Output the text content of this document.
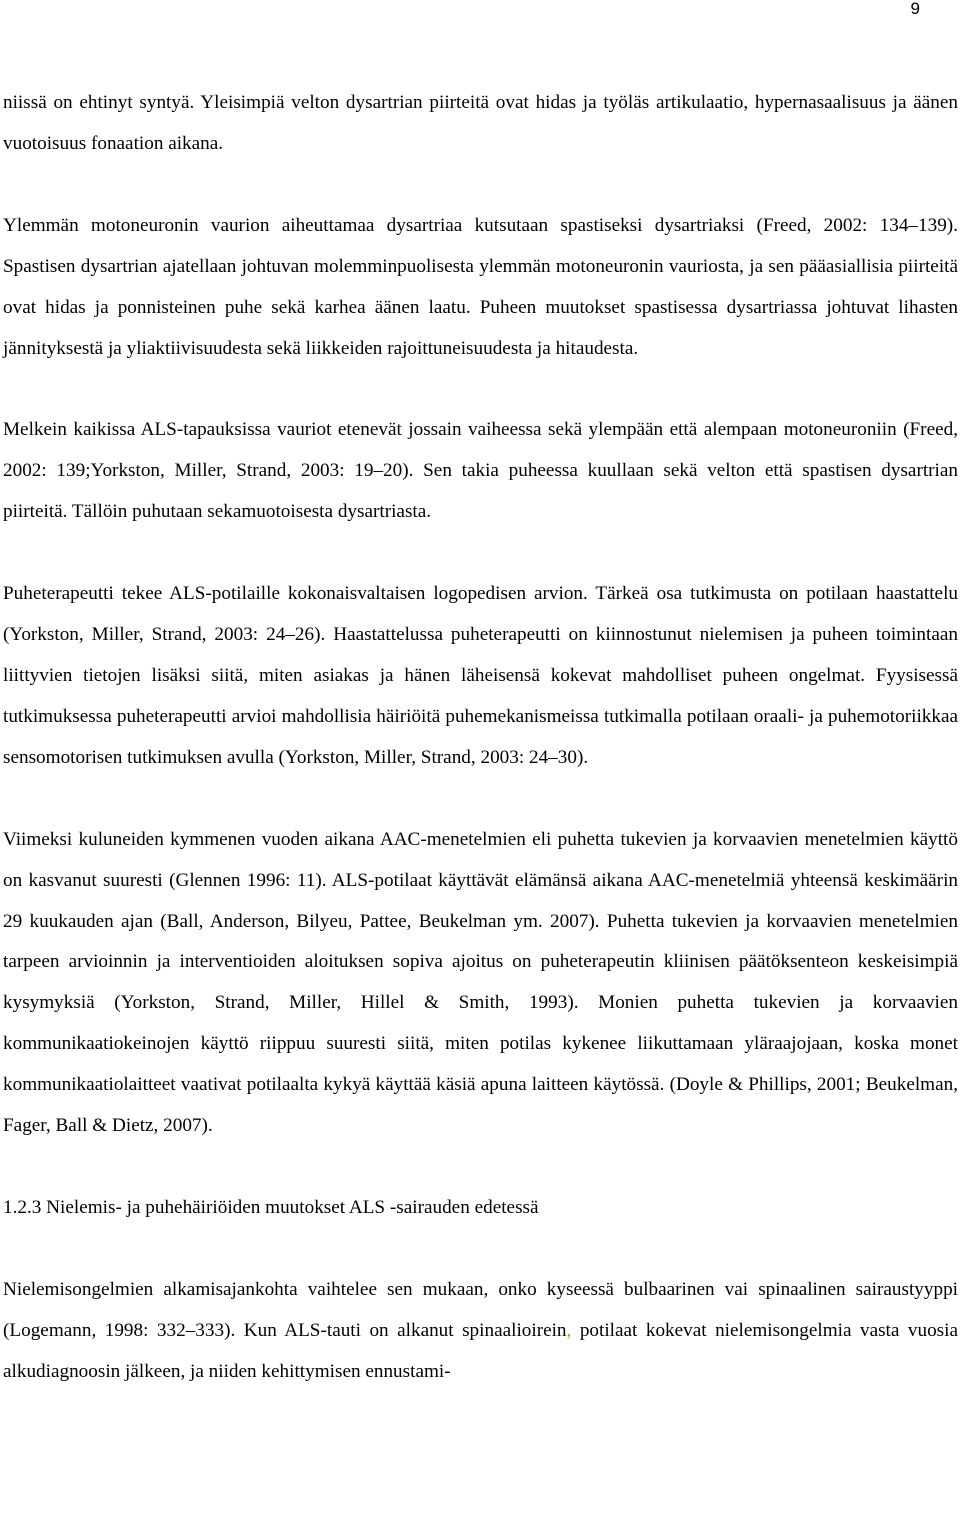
9

niissä on ehtinyt syntyä. Yleisimpiä velton dysartrian piirteitä ovat hidas ja työläs artikulaatio, hypernasaalisuus ja äänen vuotoisuus fonaation aikana.

Ylemmän motoneuronin vaurion aiheuttamaa dysartriaa kutsutaan spastiseksi dysartriaksi (Freed, 2002: 134–139). Spastisen dysartrian ajatellaan johtuvan molemminpuolisesta ylemmän motoneuronin vauriosta, ja sen pääasiallisia piirteitä ovat hidas ja ponnisteinen puhe sekä karhea äänen laatu. Puheen muutokset spastisessa dysartriassa johtuvat lihasten jännityksestä ja yliaktiivisuudesta sekä liikkeiden rajoittuneisuudesta ja hitaudesta.

Melkein kaikissa ALS-tapauksissa vauriot etenevät jossain vaiheessa sekä ylempään että alempaan motoneuroniin (Freed, 2002: 139;Yorkston, Miller, Strand, 2003: 19–20). Sen takia puheessa kuullaan sekä velton että spastisen dysartrian piirteitä. Tällöin puhutaan sekamuotoisesta dysartriasta.

Puheterapeutti tekee ALS-potilaille kokonaisvaltaisen logopedisen arvion. Tärkeä osa tutkimusta on potilaan haastattelu (Yorkston, Miller, Strand, 2003: 24–26). Haastattelussa puheterapeutti on kiinnostunut nielemisen ja puheen toimintaan liittyvien tietojen lisäksi siitä, miten asiakas ja hänen läheisensä kokevat mahdolliset puheen ongelmat. Fyysisessä tutkimuksessa puheterapeutti arvioi mahdollisia häiriöitä puhemekanismeissa tutkimalla potilaan oraali- ja puhemotoriikkaa sensomotorisen tutkimuksen avulla (Yorkston, Miller, Strand, 2003: 24–30).

Viimeksi kuluneiden kymmenen vuoden aikana AAC-menetelmien eli puhetta tukevien ja korvaavien menetelmien käyttö on kasvanut suuresti (Glennen 1996: 11). ALS-potilaat käyttävät elämänsä aikana AAC-menetelmiä yhteensä keskimäärin 29 kuukauden ajan (Ball, Anderson, Bilyeu, Pattee, Beukelman ym. 2007). Puhetta tukevien ja korvaavien menetelmien tarpeen arvioinnin ja interventioiden aloituksen sopiva ajoitus on puheterapeutin kliinisen päätöksenteon keskeisimpiä kysymyksiä (Yorkston, Strand, Miller, Hillel & Smith, 1993). Monien puhetta tukevien ja korvaavien kommunikaatiokeinojen käyttö riippuu suuresti siitä, miten potilas kykenee liikuttamaan yläraajojaan, koska monet kommunikaatiolaitteet vaativat potilaalta kykyä käyttää käsiä apuna laitteen käytössä. (Doyle & Phillips, 2001; Beukelman, Fager, Ball & Dietz, 2007).

1.2.3 Nielemis- ja puhehäiriöiden muutokset ALS -sairauden edetessä

Nielemisongelmien alkamisajankohta vaihtelee sen mukaan, onko kyseessä bulbaarinen vai spinaalinen sairaustyyppi (Logemann, 1998: 332–333). Kun ALS-tauti on alkanut spinaalioirein, potilaat kokevat nielemisongelmia vasta vuosia alkudiagnoosin jälkeen, ja niiden kehittymisen ennustami-
